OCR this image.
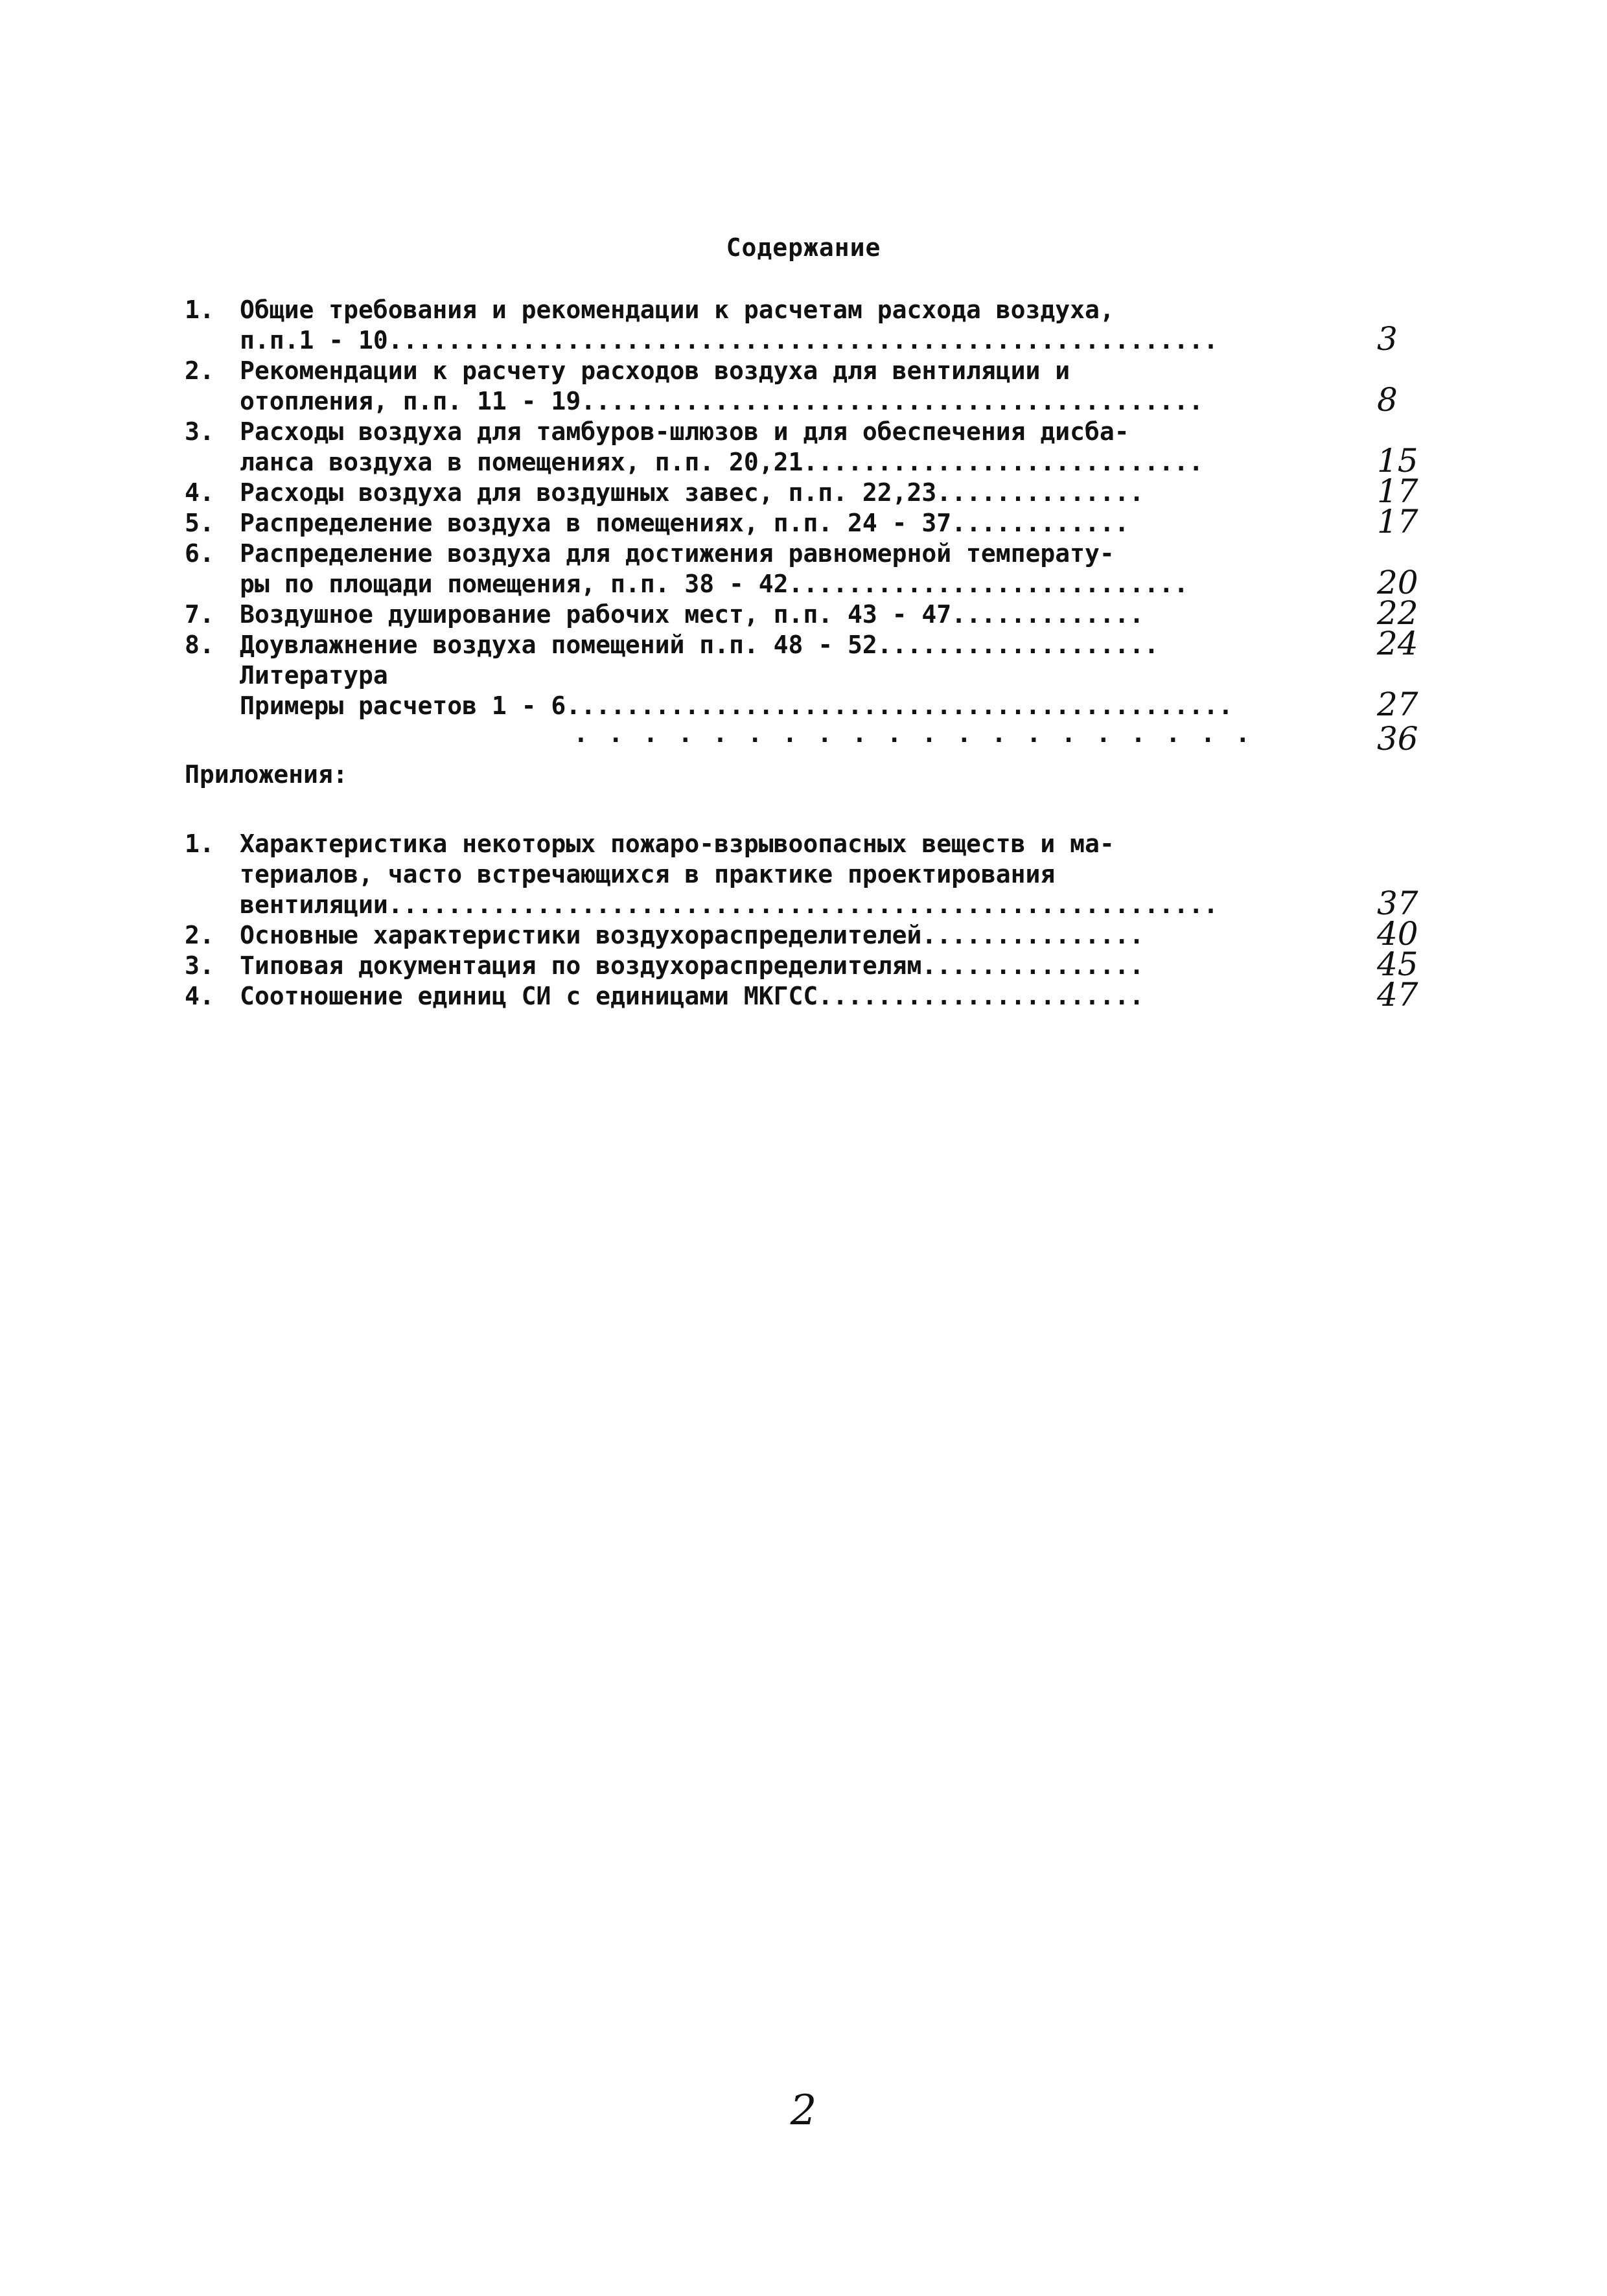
Содержание
1. Общие требования и рекомендации к расчетам расхода воздуха,
п.п.1 - 10........................................................	3
2. Рекомендации к расчету расходов воздуха для вентиляции и
отопления, п.п. 11 - 19..........................................	8
3. Расходы воздуха для тамбуров-шлюзов и для обеспечения дисба-
ланса воздуха в помещениях, п.п. 20,21...........................	15
4. Расходы воздуха для воздушных завес, п.п. 22,23..............	17
5. Распределение воздуха в помещениях, п.п. 24 - 37............	17
6. Распределение воздуха для достижения равномерной температу-
ры по площади помещения, п.п. 38 - 42...........................	20
7. Воздушное душирование рабочих мест, п.п. 43 - 47.............	22
8. Доувлажнение воздуха помещений п.п. 48 - 52...................	24
Литература
Примеры расчетов 1 - 6.............................................	27
· · · · · · · · · · · · · · · · · · · ·	36
Приложения:
1. Характеристика некоторых пожаро-взрывоопасных веществ и ма-
териалов, часто встречающихся в практике проектирования
вентиляции........................................................	37
2. Основные характеристики воздухораспределителей...............	40
3. Типовая документация по воздухораспределителям...............	45
4. Соотношение единиц СИ с единицами МКГСС......................	47
2
